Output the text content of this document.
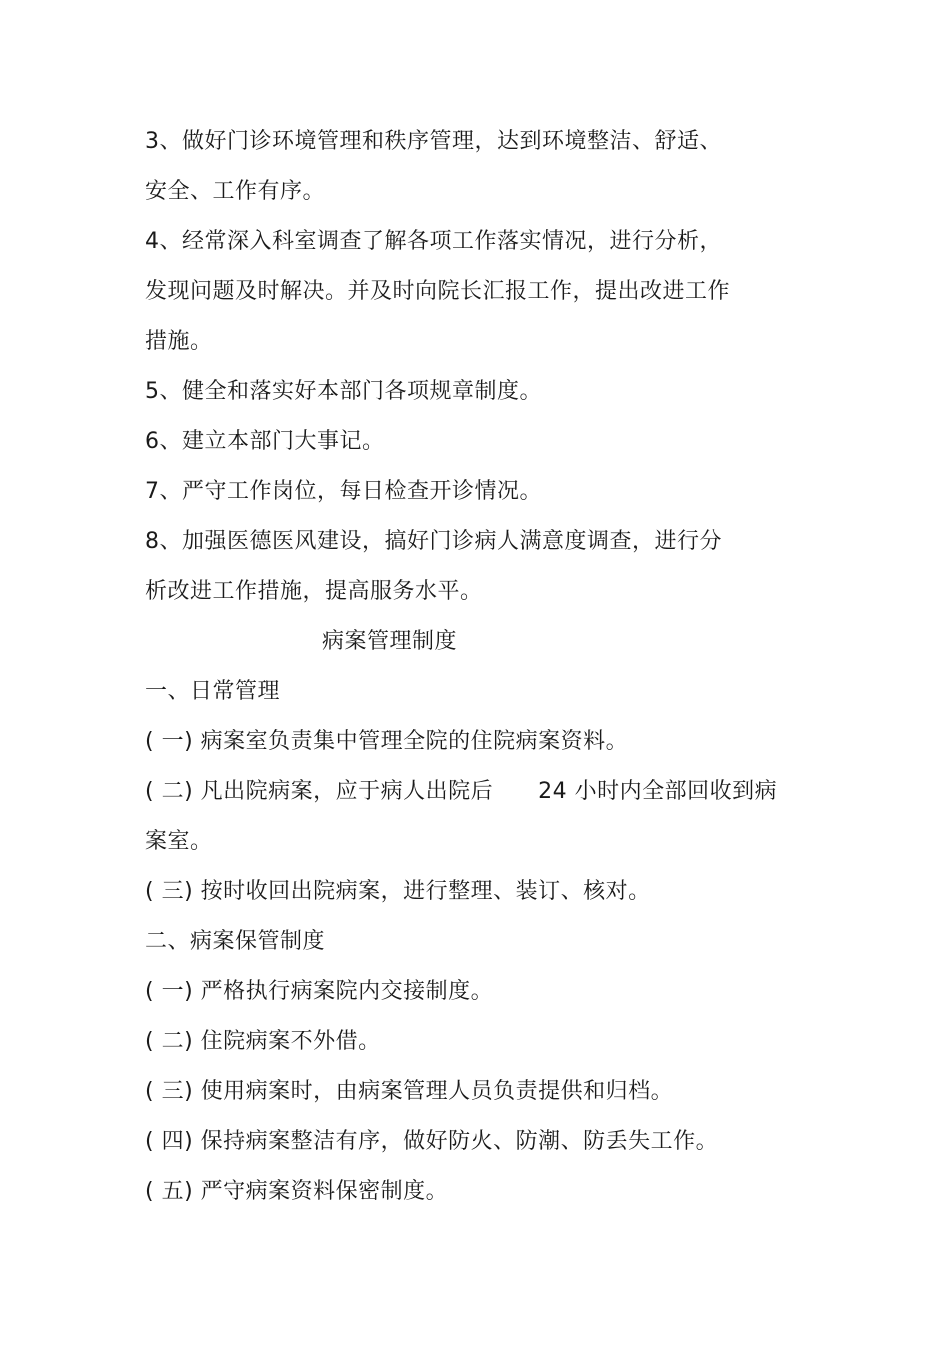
3、做好门诊环境管理和秩序管理，达到环境整洁、舒适、
安全、工作有序。
4、经常深入科室调查了解各项工作落实情况，进行分析，
发现问题及时解决。并及时向院长汇报工作，提出改进工作
措施。
5、健全和落实好本部门各项规章制度。
6、建立本部门大事记。
7、严守工作岗位，每日检查开诊情况。
8、加强医德医风建设，搞好门诊病人满意度调查，进行分
析改进工作措施，提高服务水平。
病案管理制度
一、日常管理
( 一) 病案室负责集中管理全院的住院病案资料。
( 二) 凡出院病案，应于病人出院后      24 小时内全部回收到病
案室。
( 三) 按时收回出院病案，进行整理、装订、核对。
二、病案保管制度
( 一) 严格执行病案院内交接制度。
( 二) 住院病案不外借。
( 三) 使用病案时，由病案管理人员负责提供和归档。
( 四) 保持病案整洁有序，做好防火、防潮、防丢失工作。
( 五) 严守病案资料保密制度。
